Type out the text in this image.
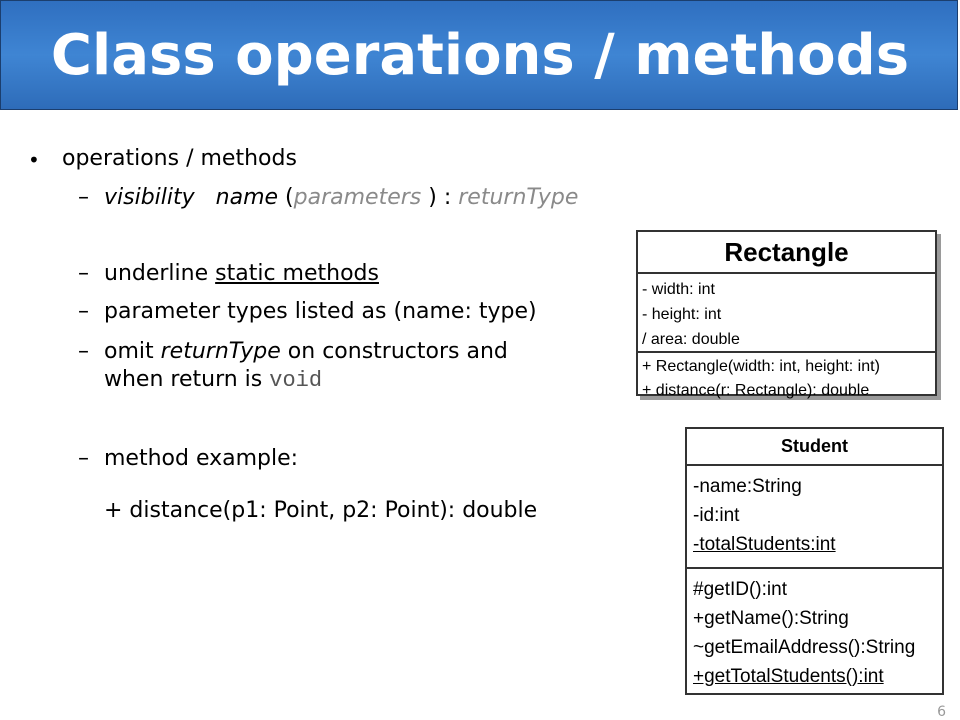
Class operations / methods
• operations / methods
– visibility name (parameters ) : returnType
– underline static methods
– parameter types listed as (name: type)
– omit returnType on constructors and
when return is void
– method example:
+ distance(p1: Point, p2: Point): double
Rectangle
- width: int
- height: int
/ area: double
+ Rectangle(width: int, height: int)
+ distance(r: Rectangle): double
Student
-name:String
-id:int
-totalStudents:int
#getID():int
+getName():String
~getEmailAddress():String
+getTotalStudents():int
6
